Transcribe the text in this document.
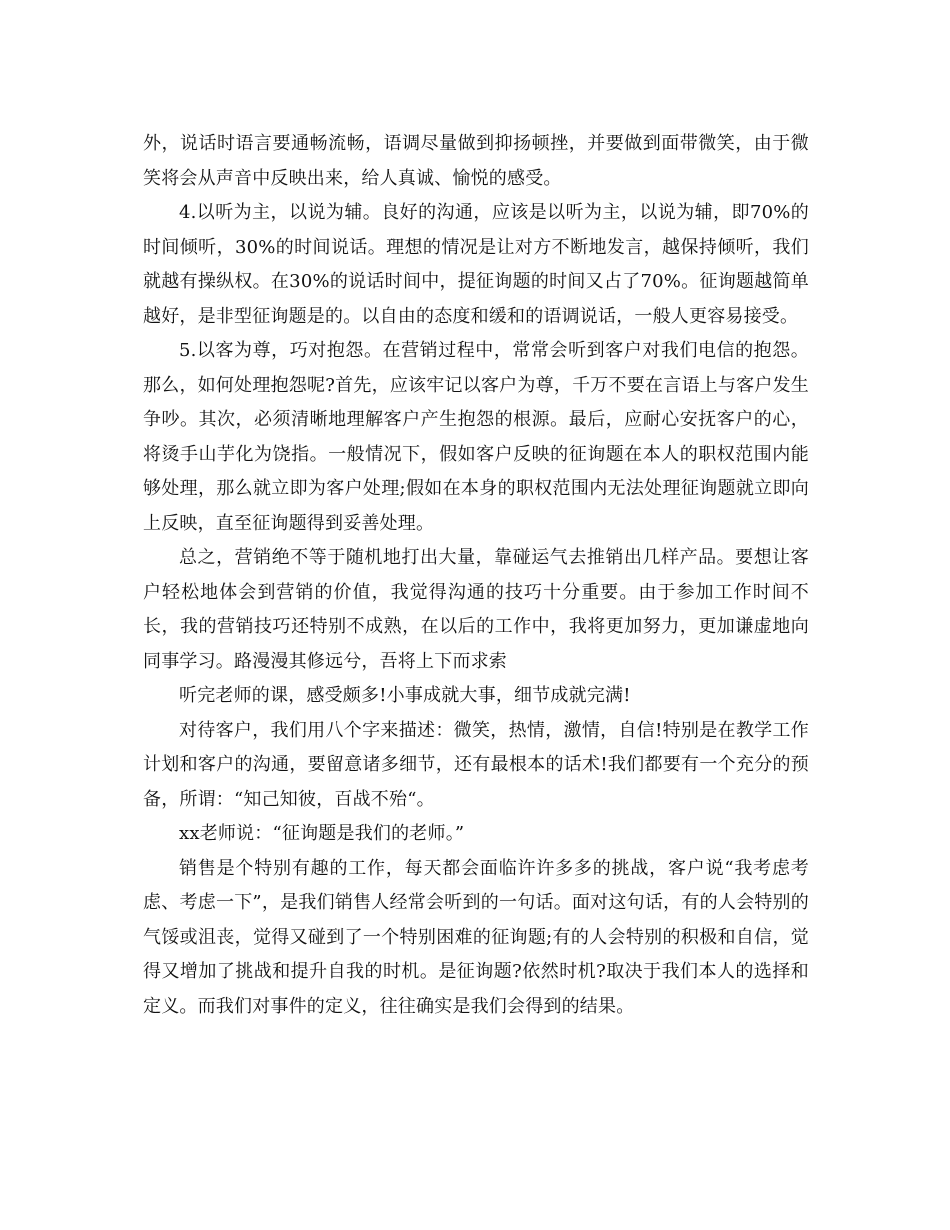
外，说话时语言要通畅流畅，语调尽量做到抑扬顿挫，并要做到面带微笑，由于微笑将会从声音中反映出来，给人真诚、愉悦的感受。

4.以听为主，以说为辅。良好的沟通，应该是以听为主，以说为辅，即70%的时间倾听，30%的时间说话。理想的情况是让对方不断地发言，越保持倾听，我们就越有操纵权。在30%的说话时间中，提征询题的时间又占了70%。征询题越简单越好，是非型征询题是的。以自由的态度和缓和的语调说话，一般人更容易接受。

5.以客为尊，巧对抱怨。在营销过程中，常常会听到客户对我们电信的抱怨。那么，如何处理抱怨呢?首先，应该牢记以客户为尊，千万不要在言语上与客户发生争吵。其次，必须清晰地理解客户产生抱怨的根源。最后，应耐心安抚客户的心，将烫手山芋化为饶指。一般情况下，假如客户反映的征询题在本人的职权范围内能够处理，那么就立即为客户处理;假如在本身的职权范围内无法处理征询题就立即向上反映，直至征询题得到妥善处理。

总之，营销绝不等于随机地打出大量，靠碰运气去推销出几样产品。要想让客户轻松地体会到营销的价值，我觉得沟通的技巧十分重要。由于参加工作时间不长，我的营销技巧还特别不成熟，在以后的工作中，我将更加努力，更加谦虚地向同事学习。路漫漫其修远兮，吾将上下而求索

听完老师的课，感受颇多!小事成就大事，细节成就完满!

对待客户，我们用八个字来描述：微笑，热情，激情，自信!特别是在教学工作计划和客户的沟通，要留意诸多细节，还有最根本的话术!我们都要有一个充分的预备，所谓：“知己知彼，百战不殆“。

xx老师说：“征询题是我们的老师。”

销售是个特别有趣的工作，每天都会面临许许多多的挑战，客户说“我考虑考虑、考虑一下”，是我们销售人经常会听到的一句话。面对这句话，有的人会特别的气馁或沮丧，觉得又碰到了一个特别困难的征询题;有的人会特别的积极和自信，觉得又增加了挑战和提升自我的时机。是征询题?依然时机?取决于我们本人的选择和定义。而我们对事件的定义，往往确实是我们会得到的结果。
